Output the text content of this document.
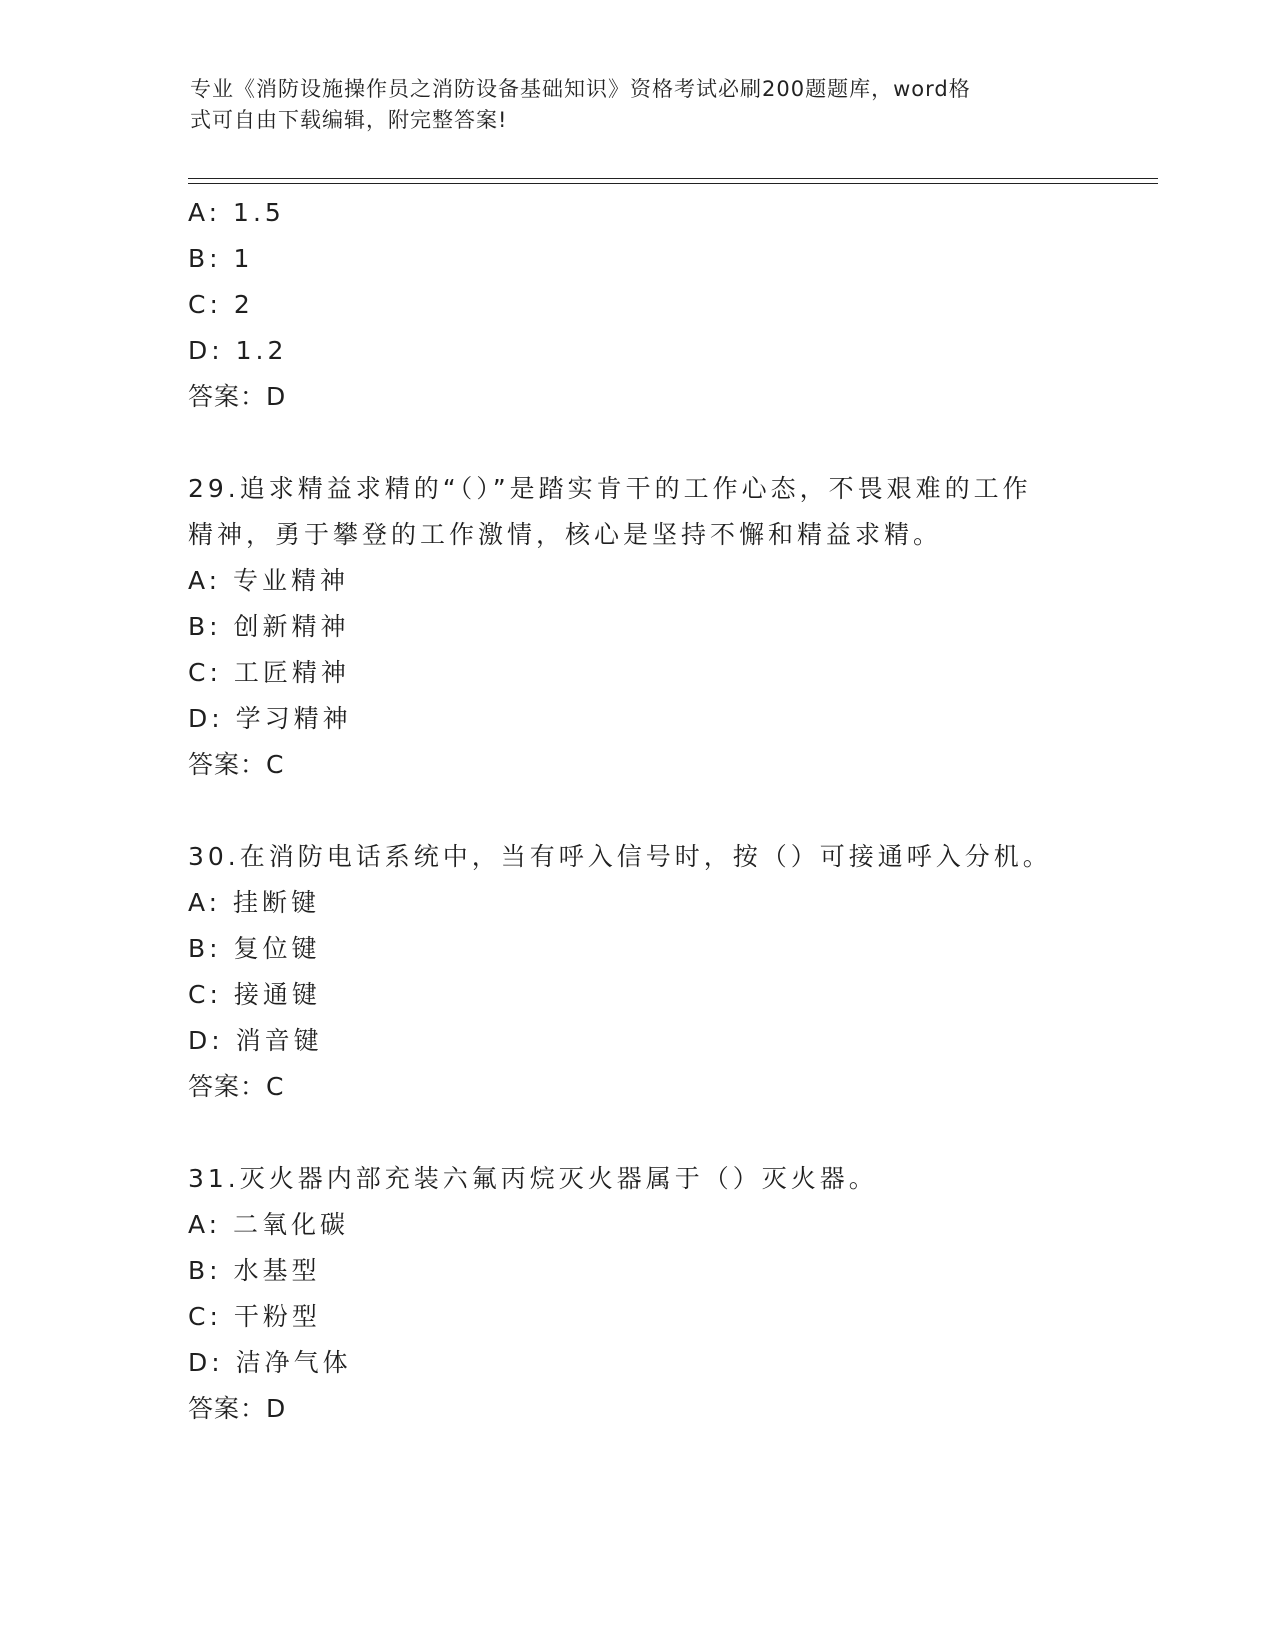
专业《消防设施操作员之消防设备基础知识》资格考试必刷200题题库，word格
式可自由下载编辑，附完整答案!
A: 1.5
B: 1
C: 2
D: 1.2
答案：D
29.追求精益求精的“（）”是踏实肯干的工作心态，不畏艰难的工作
精神，勇于攀登的工作激情，核心是坚持不懈和精益求精。
A: 专业精神
B: 创新精神
C: 工匠精神
D: 学习精神
答案：C
30.在消防电话系统中，当有呼入信号时，按（）可接通呼入分机。
A: 挂断键
B: 复位键
C: 接通键
D: 消音键
答案：C
31.灭火器内部充装六氟丙烷灭火器属于（）灭火器。
A: 二氧化碳
B: 水基型
C: 干粉型
D: 洁净气体
答案：D
